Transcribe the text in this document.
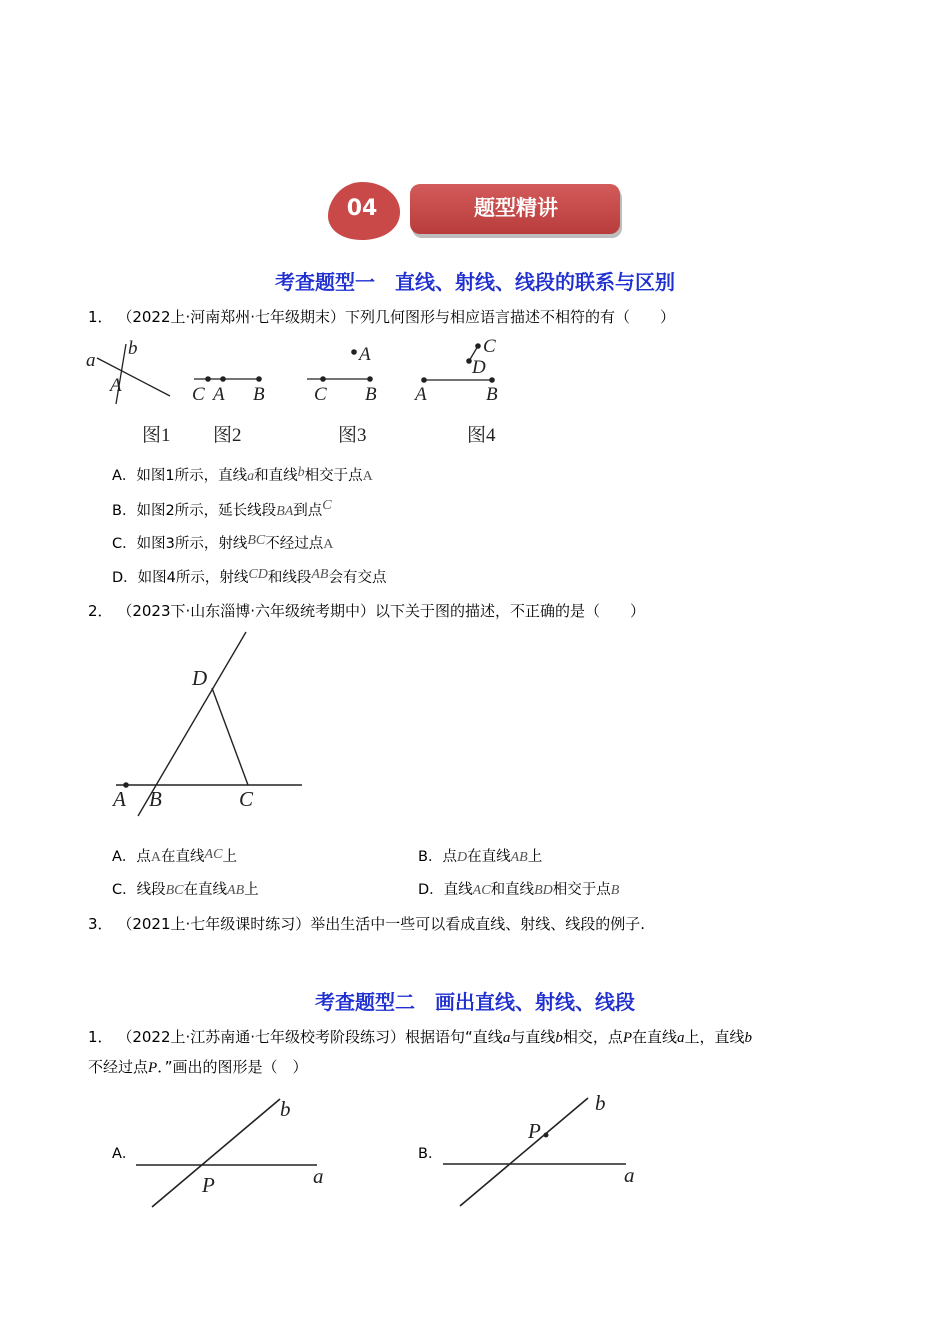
04	题型精讲
考查题型一　直线、射线、线段的联系与区别
1． （2022上·河南郑州·七年级期末）下列几何图形与相应语言描述不相符的有（　　）
a
b
A	C A B
A
C B
C
D
A	B
图1 图2	图3	图4
A．如图1所示，直线a和直线b相交于点A
B．如图2所示，延长线段BA到点C
C．如图3所示，射线BC不经过点A
D．如图4所示，射线CD和线段AB会有交点
2． （2023下·山东淄博·六年级统考期中）以下关于图的描述，不正确的是（　　）
D
A B	C
A．点A在直线AC上	B．点D在直线AB上
C．线段BC在直线AB上	D．直线AC和直线BD相交于点B
3． （2021上·七年级课时练习）举出生活中一些可以看成直线、射线、线段的例子.
考查题型二　画出直线、射线、线段
1． （2022上·江苏南通·七年级校考阶段练习）根据语句“直线a与直线b相交，点P在直线a上，直线b
不经过点P．”画出的图形是（　）
A．	B．
b
P	a
b
P
a
